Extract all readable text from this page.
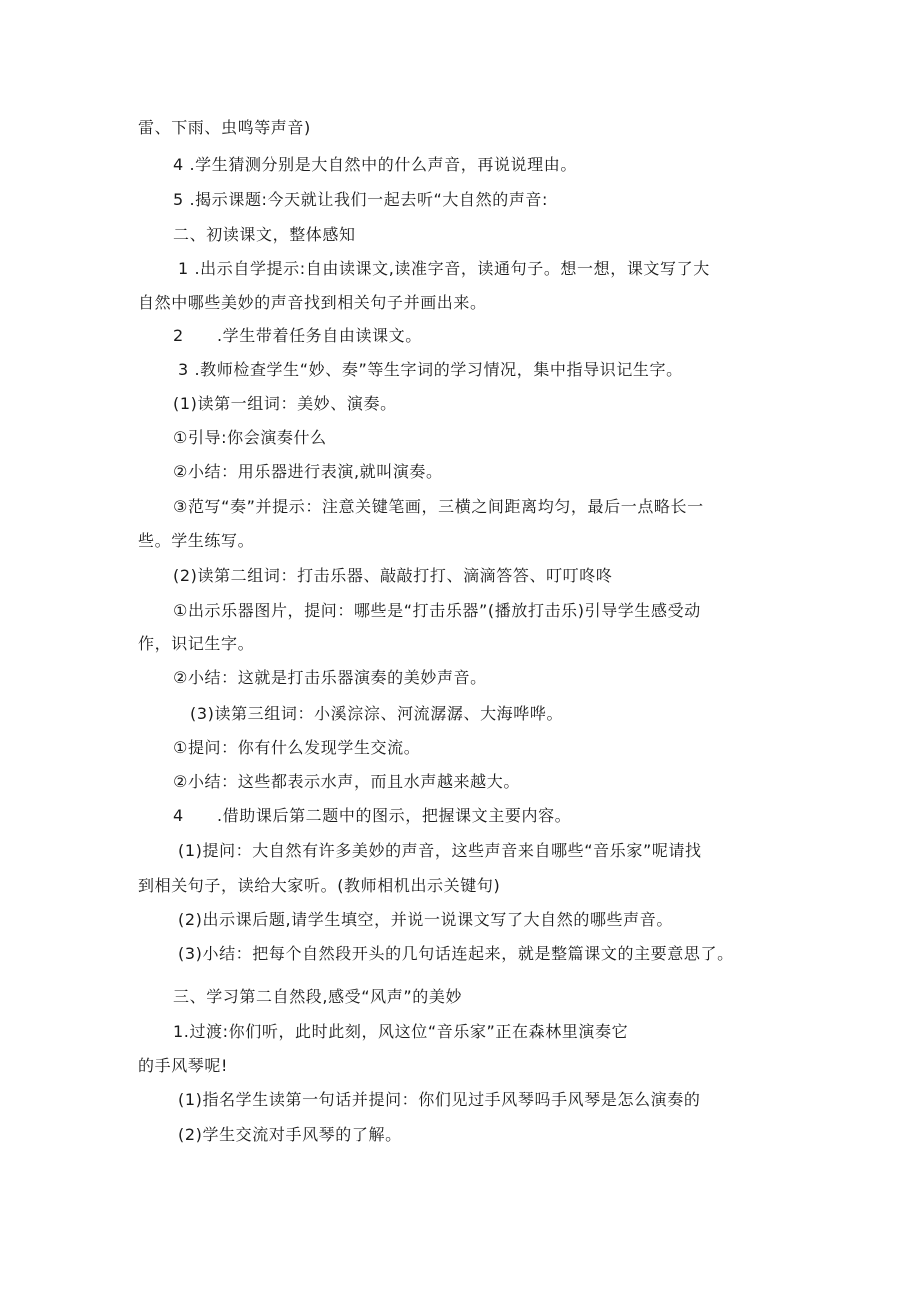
雷、下雨、虫鸣等声音)
4 .学生猜测分别是大自然中的什么声音，再说说理由。
5 .揭示课题:今天就让我们一起去听“大自然的声音:
二、初读课文，整体感知
1 .出示自学提示:自由读课文,读准字音，读通句子。想一想，课文写了大
自然中哪些美妙的声音找到相关句子并画出来。
2　　.学生带着任务自由读课文。
3 .教师检查学生“妙、奏”等生字词的学习情况，集中指导识记生字。
(1)读第一组词：美妙、演奏。
①引导:你会演奏什么
②小结：用乐器进行表演,就叫演奏。
③范写“奏”并提示：注意关键笔画，三横之间距离均匀，最后一点略长一
些。学生练写。
(2)读第二组词：打击乐器、敲敲打打、滴滴答答、叮叮咚咚
①出示乐器图片，提问：哪些是“打击乐器”(播放打击乐)引导学生感受动
作，识记生字。
②小结：这就是打击乐器演奏的美妙声音。
(3)读第三组词：小溪淙淙、河流潺潺、大海哗哗。
①提问：你有什么发现学生交流。
②小结：这些都表示水声，而且水声越来越大。
4　　.借助课后第二题中的图示，把握课文主要内容。
(1)提问：大自然有许多美妙的声音，这些声音来自哪些“音乐家”呢请找
到相关句子，读给大家听。(教师相机出示关键句)
(2)出示课后题,请学生填空，并说一说课文写了大自然的哪些声音。
(3)小结：把每个自然段开头的几句话连起来，就是整篇课文的主要意思了。
三、学习第二自然段,感受“风声”的美妙
1.过渡:你们听，此时此刻，风这位“音乐家”正在森林里演奏它
的手风琴呢!
(1)指名学生读第一句话并提问：你们见过手风琴吗手风琴是怎么演奏的
(2)学生交流对手风琴的了解。
